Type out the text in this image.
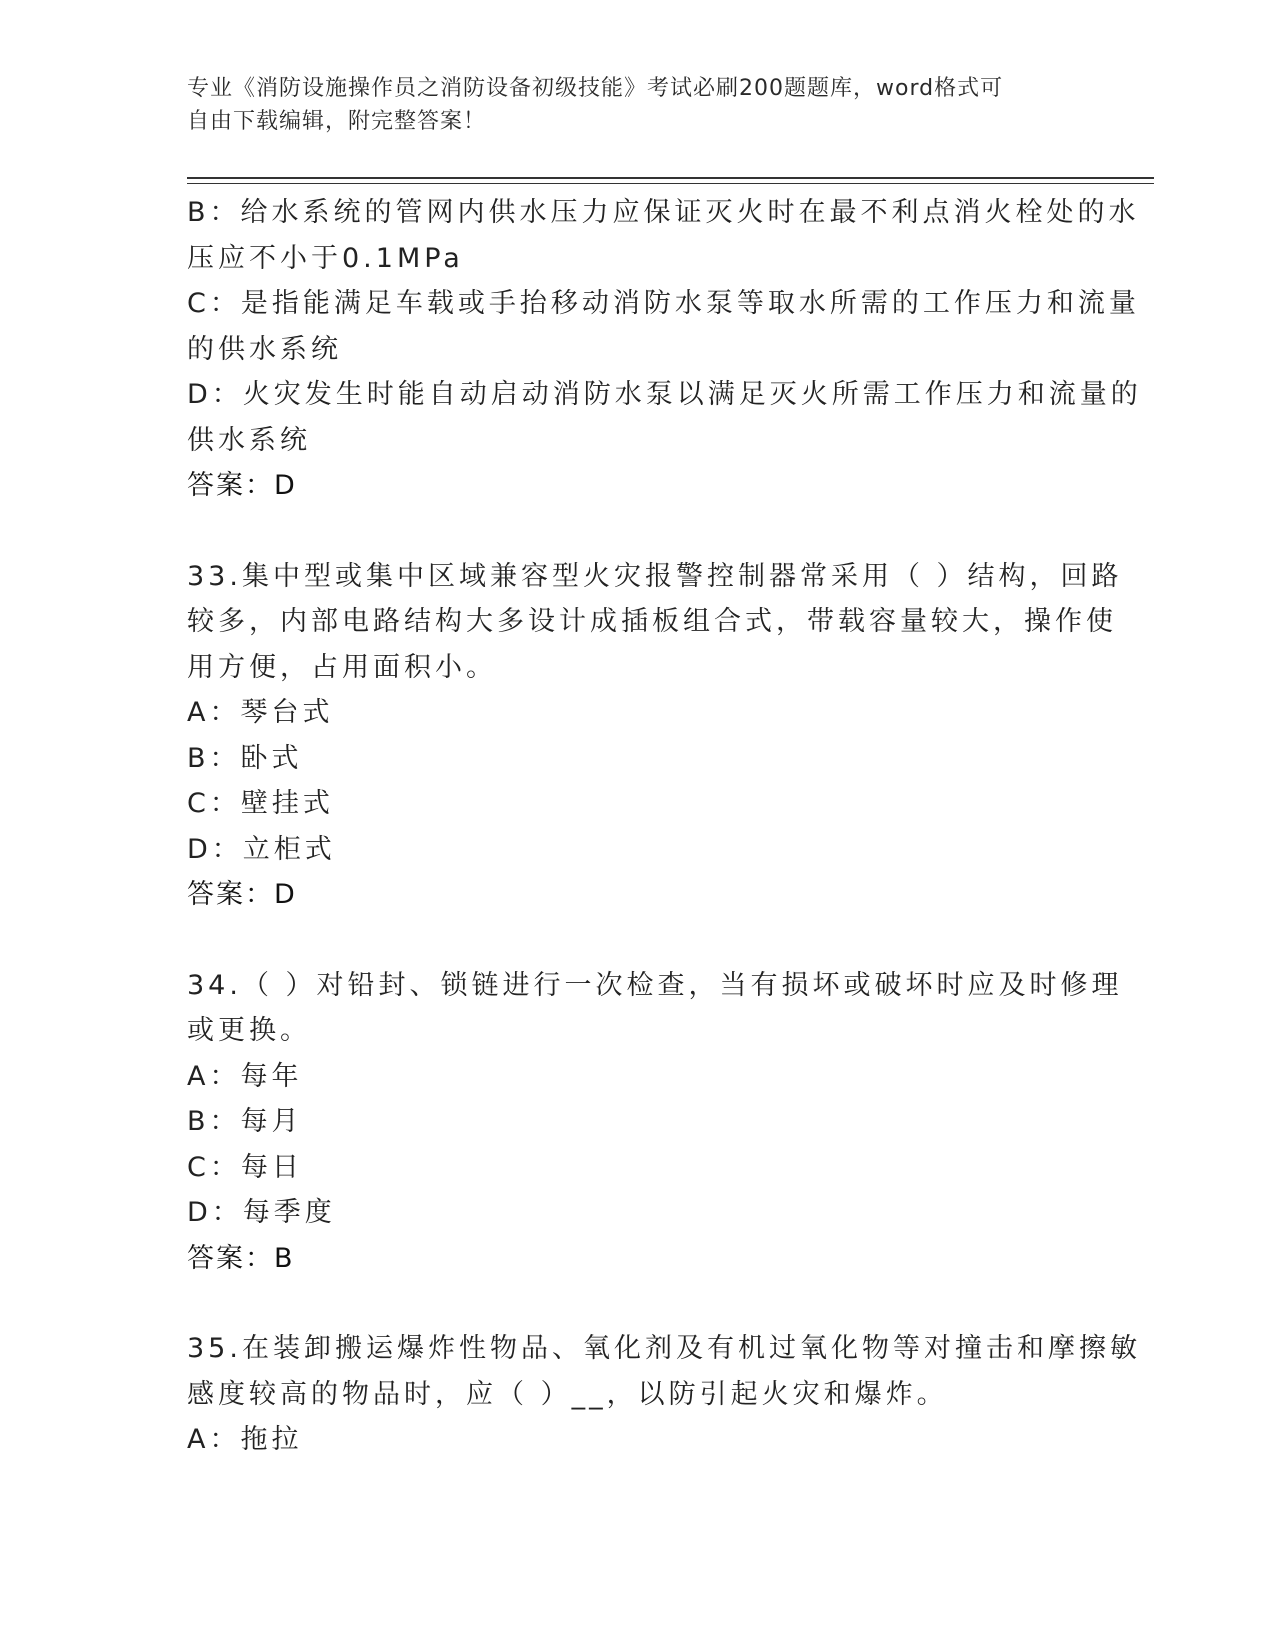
专业《消防设施操作员之消防设备初级技能》考试必刷200题题库，word格式可
自由下载编辑，附完整答案！
B：给水系统的管网内供水压力应保证灭火时在最不利点消火栓处的水
压应不小于0.1MPa
C：是指能满足车载或手抬移动消防水泵等取水所需的工作压力和流量
的供水系统
D：火灾发生时能自动启动消防水泵以满足灭火所需工作压力和流量的
供水系统
答案：D
33.集中型或集中区域兼容型火灾报警控制器常采用（ ）结构，回路
较多，内部电路结构大多设计成插板组合式，带载容量较大，操作使
用方便，占用面积小。
A：琴台式
B：卧式
C：壁挂式
D：立柜式
答案：D
34.（ ）对铅封、锁链进行一次检查，当有损坏或破坏时应及时修理
或更换。
A：每年
B：每月
C：每日
D：每季度
答案：B
35.在装卸搬运爆炸性物品、氧化剂及有机过氧化物等对撞击和摩擦敏
感度较高的物品时，应（ ）__，以防引起火灾和爆炸。
A：拖拉
